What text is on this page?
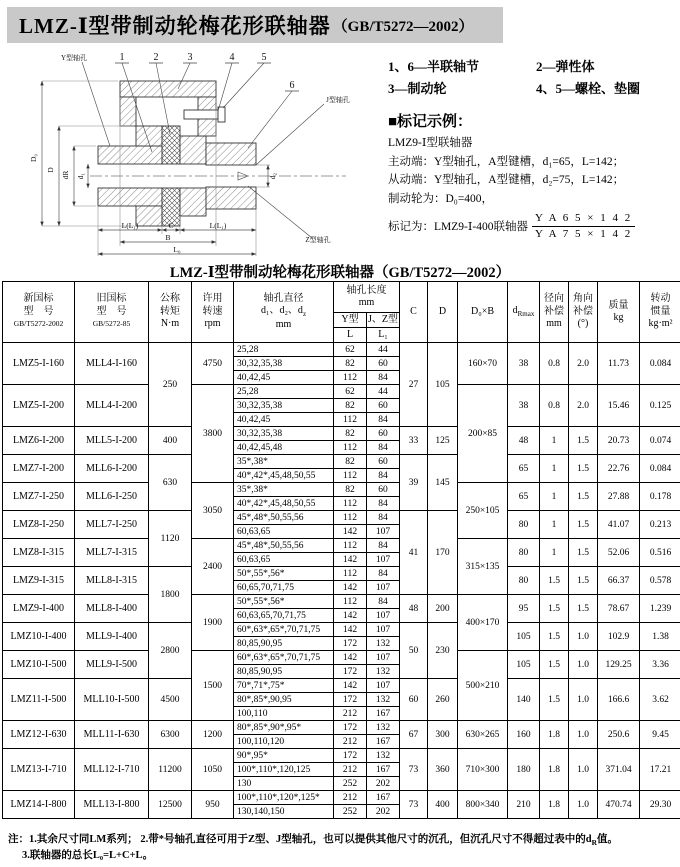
LMZ-Ⅰ型带制动轮梅花形联轴器 （GB/T5272—2002）
1	2	3	4	5
6
Y型轴孔
J型轴孔
Z型轴孔
D₀
D
dR d₁	d₂
L(L₁)	C	L(L₁)
B
L₀
1、6—半联轴节	2—弹性体
3—制动轮	4、5—螺栓、垫圈
■标记示例：
LMZ9-Ⅰ型联轴器
主动端：Y型轴孔，A型键槽，d₁=65，L=142；
从动端：Y型轴孔，A型键槽，d₂=75，L=142；
制动轮为：D₀=400，
标记为：LMZ9-Ⅰ-400联轴器 $\frac{\text{Y A 6 5 × 1 4 2}}{\text{Y A 7 5 × 1 4 2}}$
LMZ-Ⅰ型带制动轮梅花形联轴器（GB/T5272—2002）
新国标
型　号
GB/T5272-2002	旧国标
型　号
GB/5272-85	公称
转矩
N·m	许用
转速
rpm	轴孔直径
d₁、d₂、$d_z$
mm	轴孔长度
mm		C	D	D₀×B	$d_{Rmax}$	径向
补偿
mm	角向
补偿
(°)	质量
kg	转动
惯量
kg·m²
					Y型	J、Z型								
					L	L₁								
LMZ5-I-160	MLL4-I-160	250	4750	25,28	62	44	27	105	160×70	38	0.8	2.0	11.73	0.084
				30,32,35,38	82	60								
				40,42,45	112	84								
LMZ5-I-200	MLL4-I-200		3800	25,28	62	44			200×85	38	0.8	2.0	15.46	0.125
				30,32,35,38	82	60								
				40,42,45	112	84								
LMZ6-I-200	MLL5-I-200	400		30,32,35,38	82	60	33	125		48	1	1.5	20.73	0.074
				40,42,45,48	112	84								
LMZ7-I-200	MLL6-I-200	630		35*,38*	82	60	39	145		65	1	1.5	22.76	0.084
				40*,42*,45,48,50,55	112	84								
LMZ7-I-250	MLL6-I-250		3050	35*,38*	82	60			250×105	65	1	1.5	27.88	0.178
				40*,42*,45,48,50,55	112	84								
LMZ8-I-250	MLL7-I-250	1120		45*,48*,50,55,56	112	84	41	170		80	1	1.5	41.07	0.213
				60,63,65	142	107								
LMZ8-I-315	MLL7-I-315		2400	45*,48*,50,55,56	112	84			315×135	80	1	1.5	52.06	0.516
				60,63,65	142	107								
LMZ9-I-315	MLL8-I-315	1800		50*,55*,56*	112	84				80	1.5	1.5	66.37	0.578
				60,65,70,71,75	142	107								
LMZ9-I-400	MLL8-I-400		1900	50*,55*,56*	112	84	48	200	400×170	95	1.5	1.5	78.67	1.239
				60,63,65,70,71,75	142	107								
LMZ10-I-400	MLL9-I-400	2800		60*,63*,65*,70,71,75	142	107	50	230		105	1.5	1.0	102.9	1.38
				80,85,90,95	172	132								
LMZ10-I-500	MLL9-I-500		1500	60*,63*,65*,70,71,75	142	107			500×210	105	1.5	1.0	129.25	3.36
				80,85,90,95	172	132								
LMZ11-I-500	MLL10-I-500	4500		70*,71*,75*	142	107	60	260		140	1.5	1.0	166.6	3.62
				80*,85*,90,95	172	132								
				100,110	212	167								
LMZ12-I-630	MLL11-I-630	6300	1200	80*,85*,90*,95*	172	132	67	300	630×265	160	1.8	1.0	250.6	9.45
				100,110,120	212	167								
LMZ13-I-710	MLL12-I-710	11200	1050	90*,95*	172	132	73	360	710×300	180	1.8	1.0	371.04	17.21
				100*,110*,120,125	212	167								
				130	252	202								
LMZ14-I-800	MLL13-I-800	12500	950	100*,110*,120*,125*	212	167	73	400	800×340	210	1.8	1.0	470.74	29.30
				130,140,150	252	202								
注：1.其余尺寸同LM系列； 2.带*号轴孔直径可用于Z型、J型轴孔，也可以提供其他尺寸的沉孔，但沉孔尺寸不得超过表中的$d_R$值。
3.联轴器的总长L₀=L+C+L。
